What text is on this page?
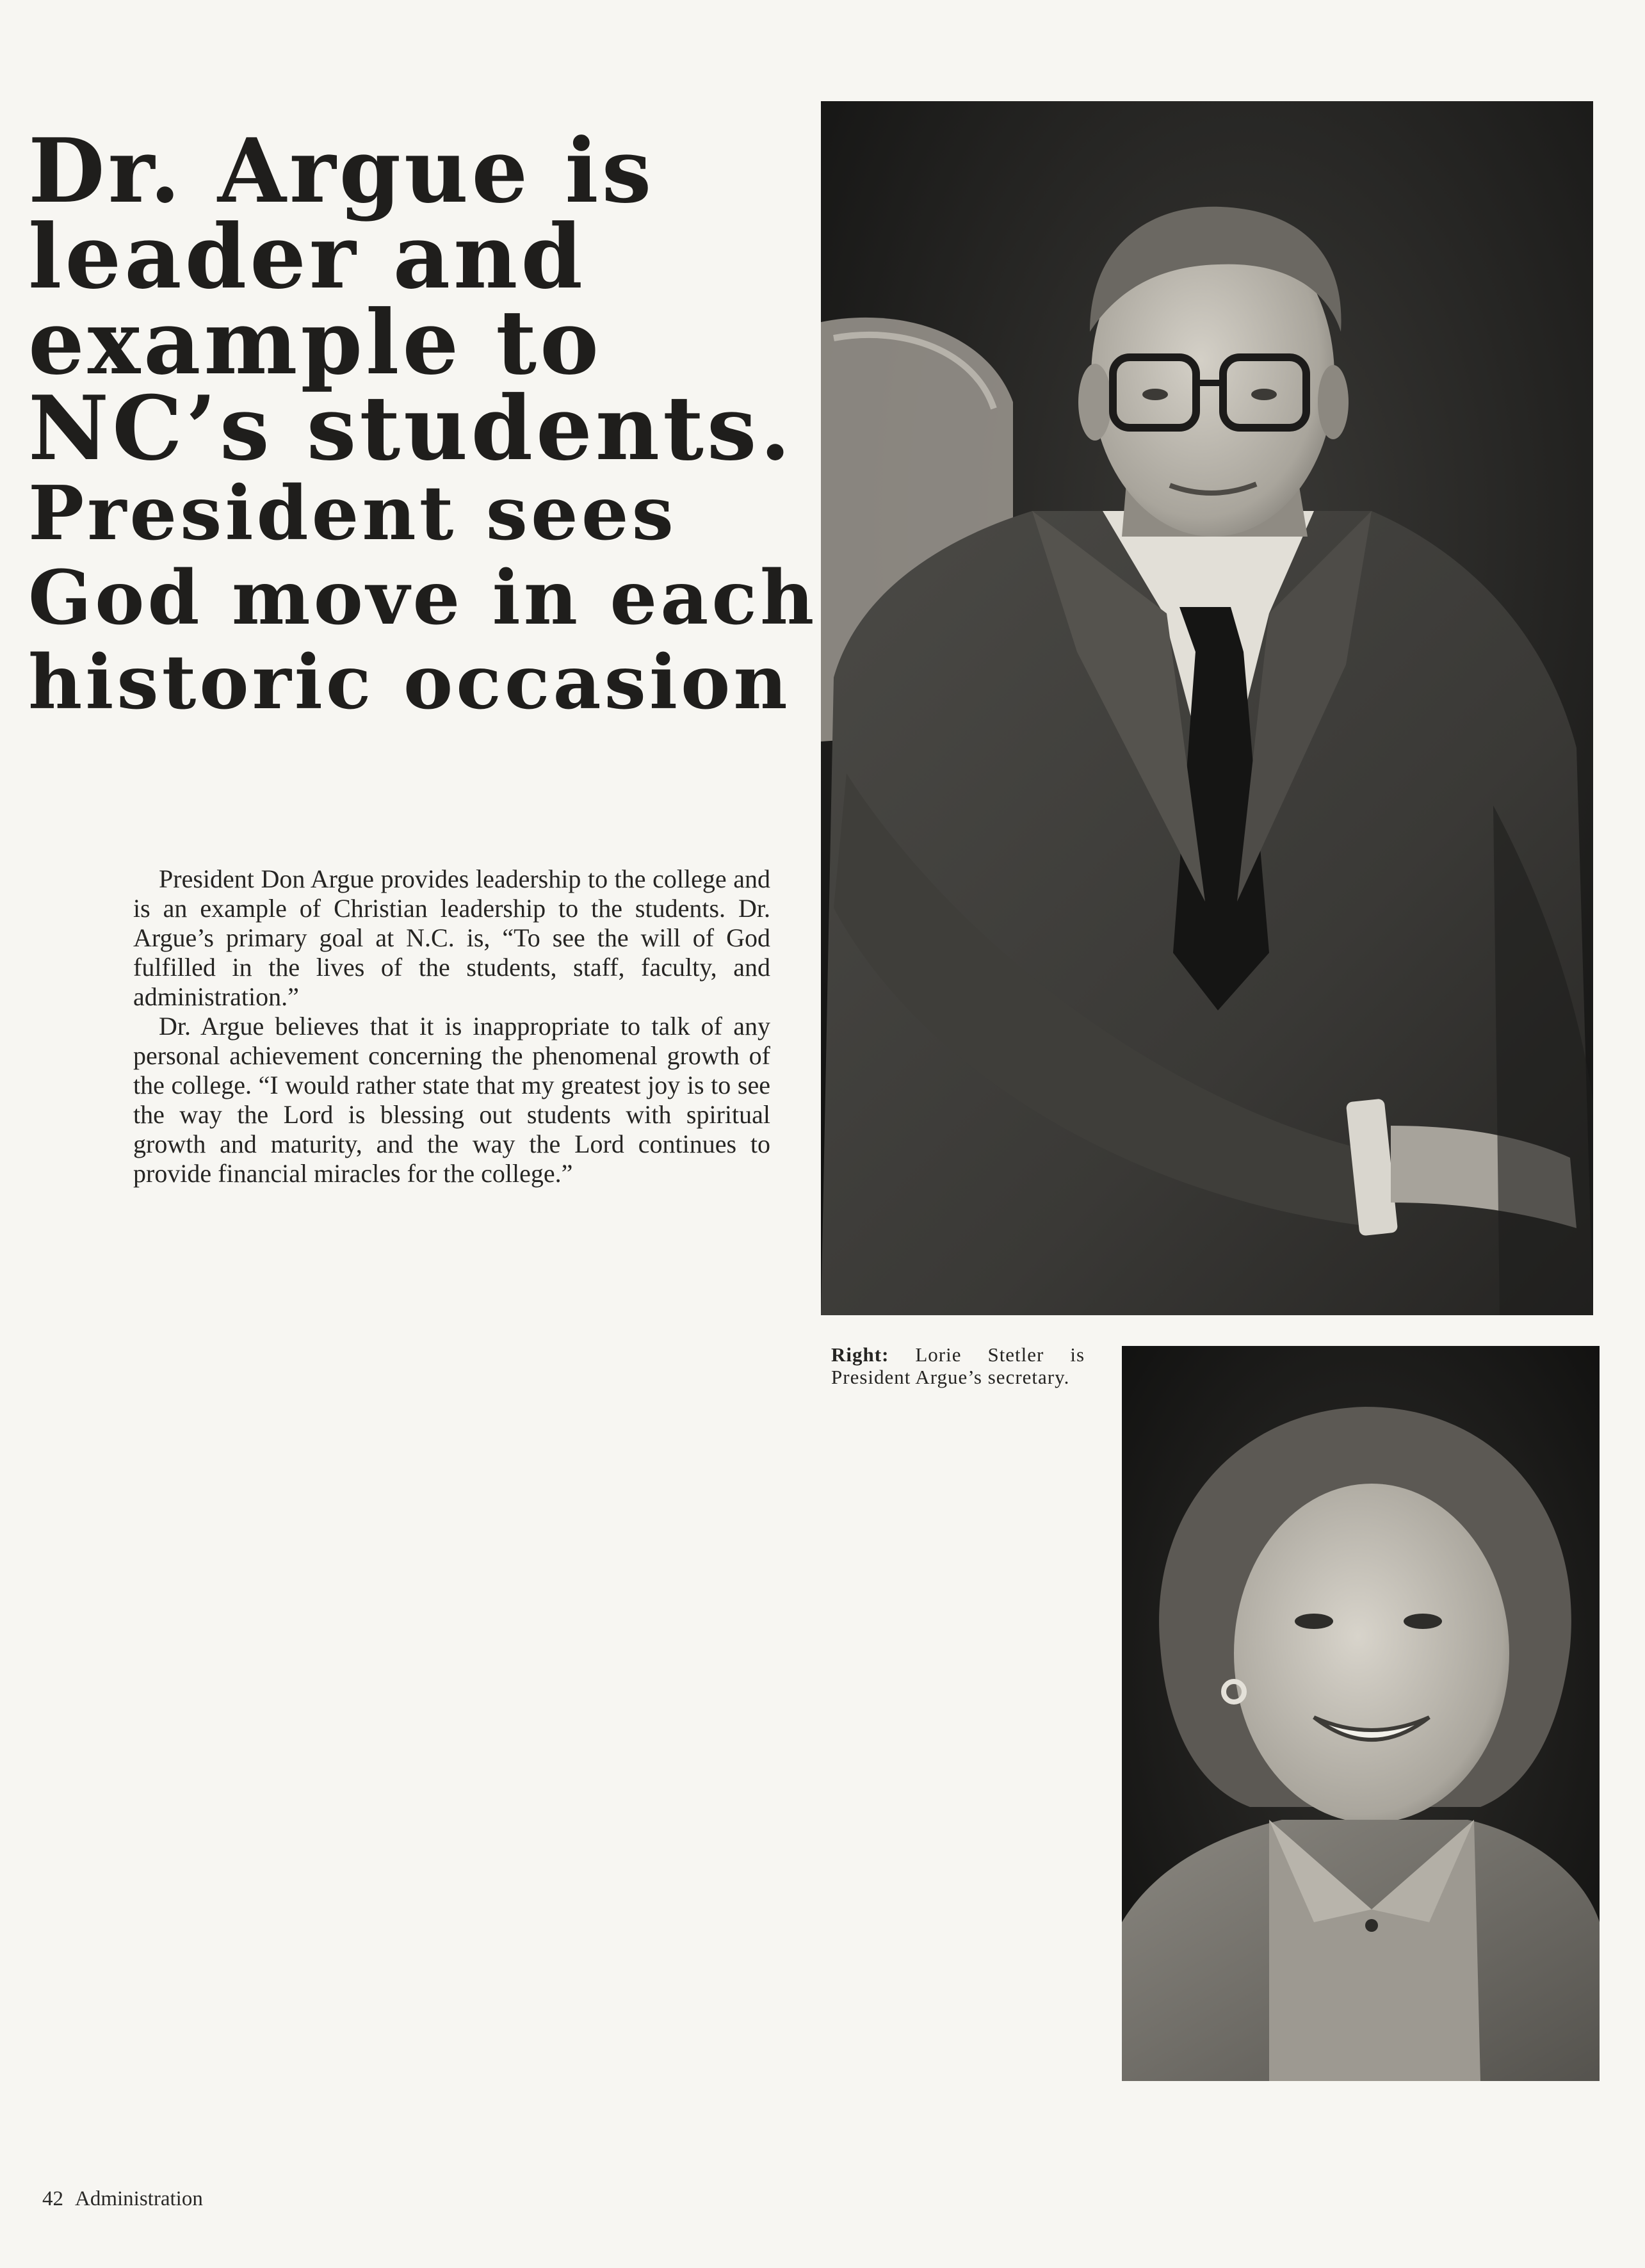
Dr. Argue is
leader and
example to
NC’s students.
President sees
God move in each
historic occasion

President Don Argue provides leadership to the college and is an example of Christian leadership to the students. Dr. Argue’s primary goal at N.C. is, “To see the will of God fulfilled in the lives of the students, staff, faculty, and administration.”

Dr. Argue believes that it is inappropriate to talk of any personal achievement concerning the phenomenal growth of the college. “I would rather state that my greatest joy is to see the way the Lord is blessing out students with spiritual growth and maturity, and the way the Lord continues to provide financial miracles for the college.”

Right: Lorie Stetler is President Argue’s secretary.
42 Administration
